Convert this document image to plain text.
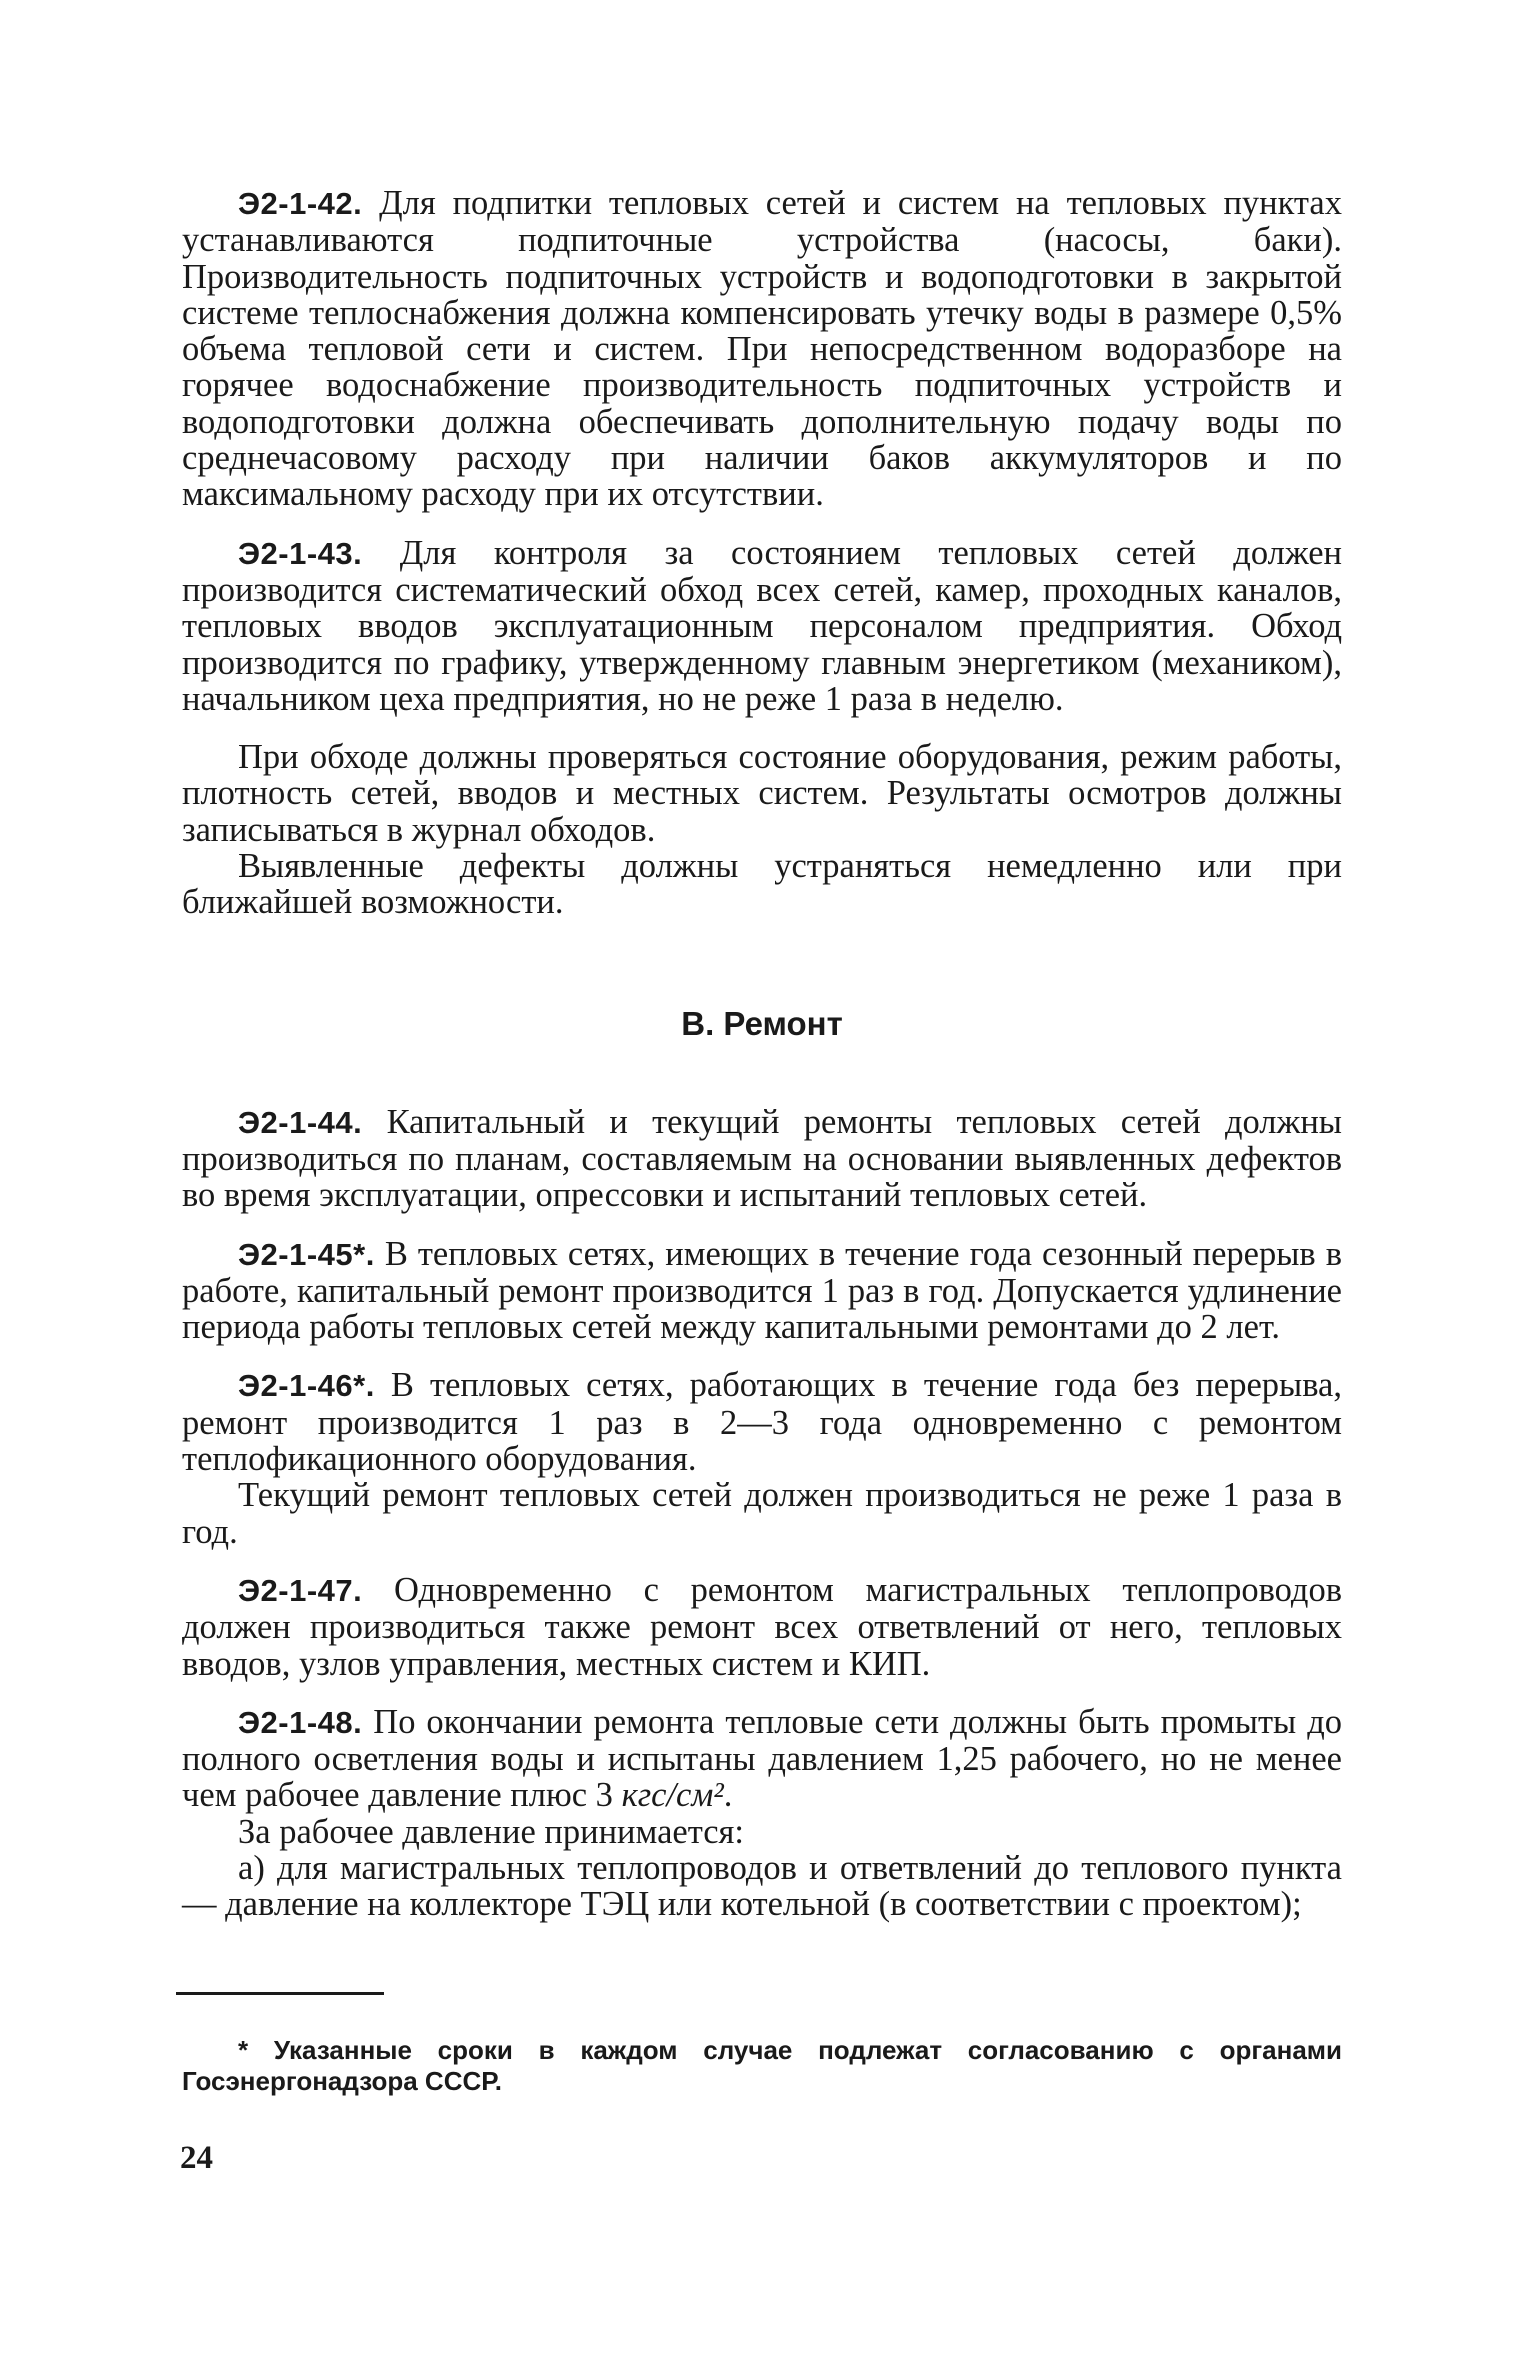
Э2-1-42. Для подпитки тепловых сетей и систем на тепловых пунктах устанавливаются подпиточные устройства (насосы, баки). Производительность подпиточных устройств и водоподготовки в закрытой системе теплоснабжения должна компенсировать утечку воды в размере 0,5% объема тепловой сети и систем. При непосредственном водоразборе на горячее водоснабжение производительность подпиточных устройств и водоподготовки должна обеспечивать дополнительную подачу воды по среднечасовому расходу при наличии баков аккумуляторов и по максимальному расходу при их отсутствии.

Э2-1-43. Для контроля за состоянием тепловых сетей должен производится систематический обход всех сетей, камер, проходных каналов, тепловых вводов эксплуатационным персоналом предприятия. Обход производится по графику, утвержденному главным энергетиком (механиком), начальником цеха предприятия, но не реже 1 раза в неделю.

При обходе должны проверяться состояние оборудования, режим работы, плотность сетей, вводов и местных систем. Результаты осмотров должны записываться в журнал обходов.

Выявленные дефекты должны устраняться немедленно или при ближайшей возможности.

В. Ремонт

Э2-1-44. Капитальный и текущий ремонты тепловых сетей должны производиться по планам, составляемым на основании выявленных дефектов во время эксплуатации, опрессовки и испытаний тепловых сетей.

Э2-1-45*. В тепловых сетях, имеющих в течение года сезонный перерыв в работе, капитальный ремонт производится 1 раз в год. Допускается удлинение периода работы тепловых сетей между капитальными ремонтами до 2 лет.

Э2-1-46*. В тепловых сетях, работающих в течение года без перерыва, ремонт производится 1 раз в 2—3 года одновременно с ремонтом теплофикационного оборудования.

Текущий ремонт тепловых сетей должен производиться не реже 1 раза в год.

Э2-1-47. Одновременно с ремонтом магистральных теплопроводов должен производиться также ремонт всех ответвлений от него, тепловых вводов, узлов управления, местных систем и КИП.

Э2-1-48. По окончании ремонта тепловые сети должны быть промыты до полного осветления воды и испытаны давлением 1,25 рабочего, но не менее чем рабочее давление плюс 3 кгс/см².

За рабочее давление принимается:

а) для магистральных теплопроводов и ответвлений до теплового пункта — давление на коллекторе ТЭЦ или котельной (в соответствии с проектом);

* Указанные сроки в каждом случае подлежат согласованию с органами Госэнергонадзора СССР.
24
